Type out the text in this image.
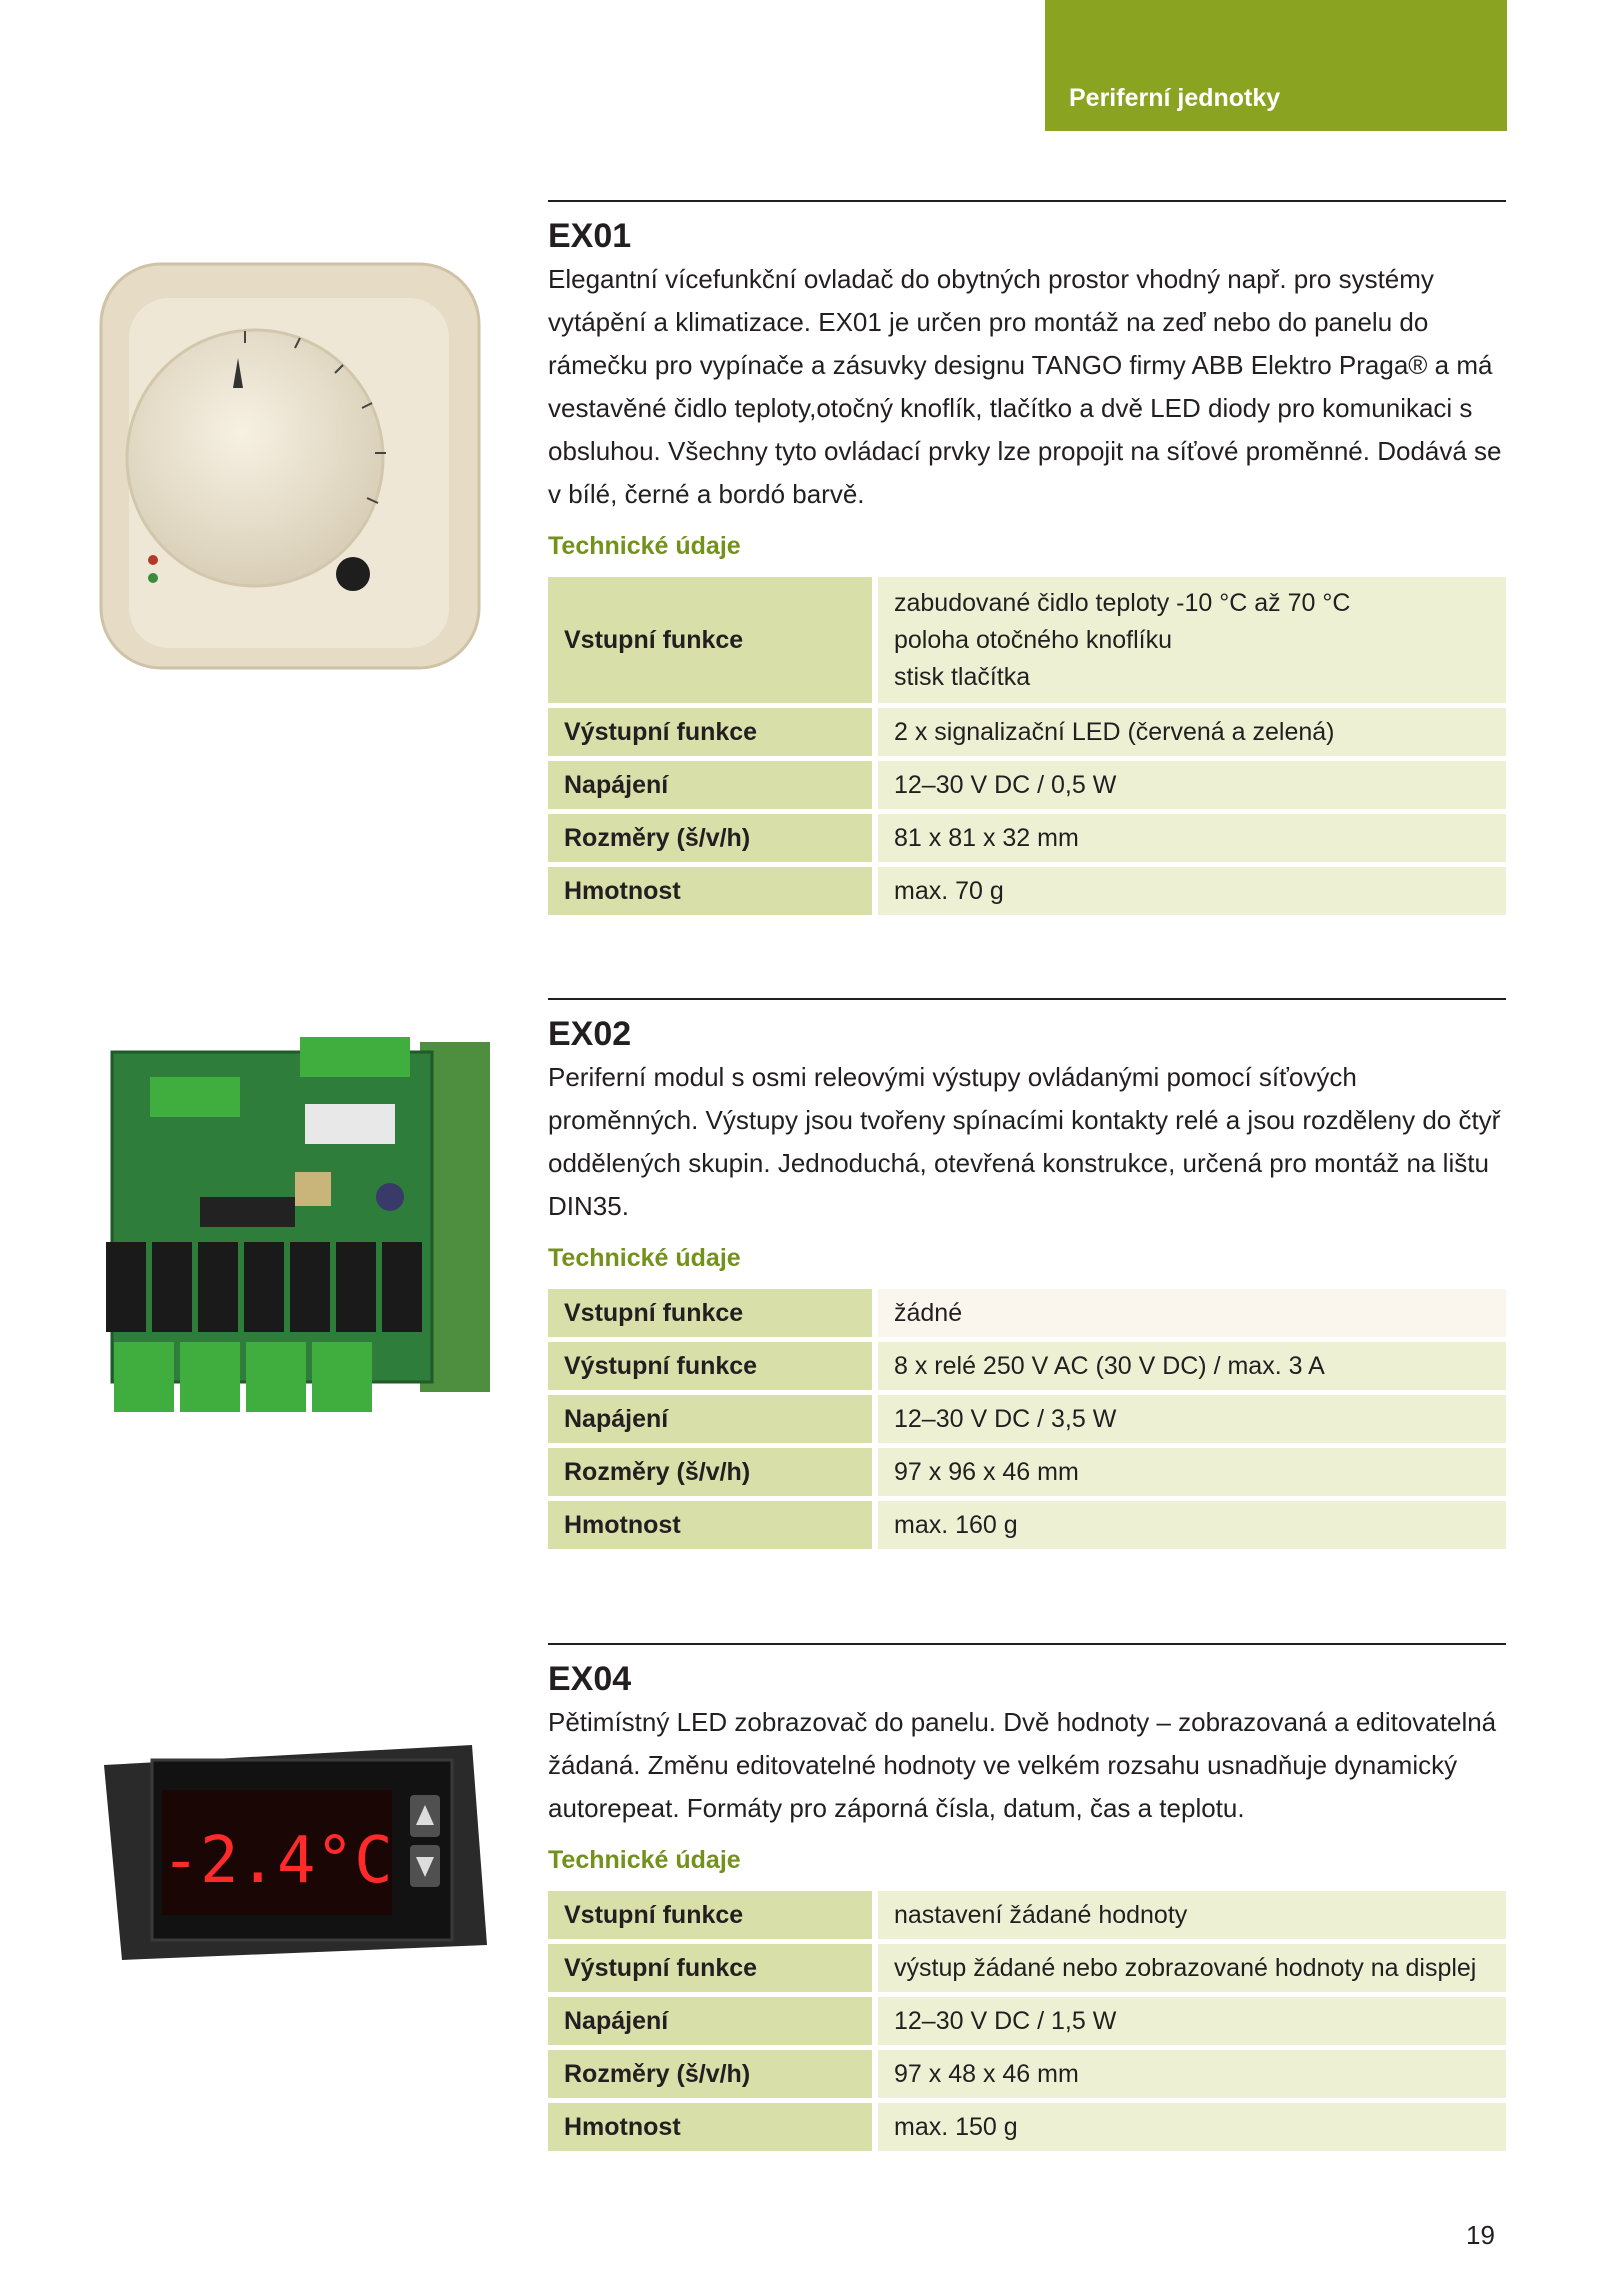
Periferní jednotky
EX01
Elegantní vícefunkční ovladač do obytných prostor vhodný např. pro systémy vytápění a klimatizace. EX01 je určen pro montáž na zeď nebo do panelu do rámečku pro vypínače a zásuvky designu TANGO firmy ABB Elektro Praga® a má vestavěné čidlo teploty,otočný knoflík, tlačítko a dvě LED diody pro komunikaci s obsluhou. Všechny tyto ovládací prvky lze propojit na síťové proměnné. Dodává se v bílé, černé a bordó barvě.
Technické údaje
Vstupní funkce		zabudované čidlo teploty -10 °C až 70 °C
poloha otočného knoflíku
stisk tlačítka

Výstupní funkce		2 x signalizační LED (červená a zelená)
Napájení		12–30 V DC / 0,5 W
Rozměry (š/v/h)		81 x 81 x 32 mm
Hmotnost		max. 70 g
EX02
Periferní modul s osmi releovými výstupy ovládanými pomocí síťových proměnných. Výstupy jsou tvořeny spínacími kontakty relé a jsou rozděleny do čtyř oddělených skupin. Jednoduchá, otevřená konstrukce, určená pro montáž na lištu DIN35.
Technické údaje
Vstupní funkce		žádné
Výstupní funkce		8 x relé 250 V AC (30 V DC) / max. 3 A
Napájení		12–30 V DC / 3,5 W
Rozměry (š/v/h)		97 x 96 x 46 mm
Hmotnost		max. 160 g
-2.4°C
EX04
Pětimístný LED zobrazovač do panelu. Dvě hodnoty – zobrazovaná a editovatelná žádaná. Změnu editovatelné hodnoty ve velkém rozsahu usnadňuje dynamický autorepeat. Formáty pro záporná čísla, datum, čas a teplotu.
Technické údaje
Vstupní funkce		nastavení žádané hodnoty
Výstupní funkce		výstup žádané nebo zobrazované hodnoty na displej
Napájení		12–30 V DC / 1,5 W
Rozměry (š/v/h)		97 x 48 x 46 mm
Hmotnost		max. 150 g
19
